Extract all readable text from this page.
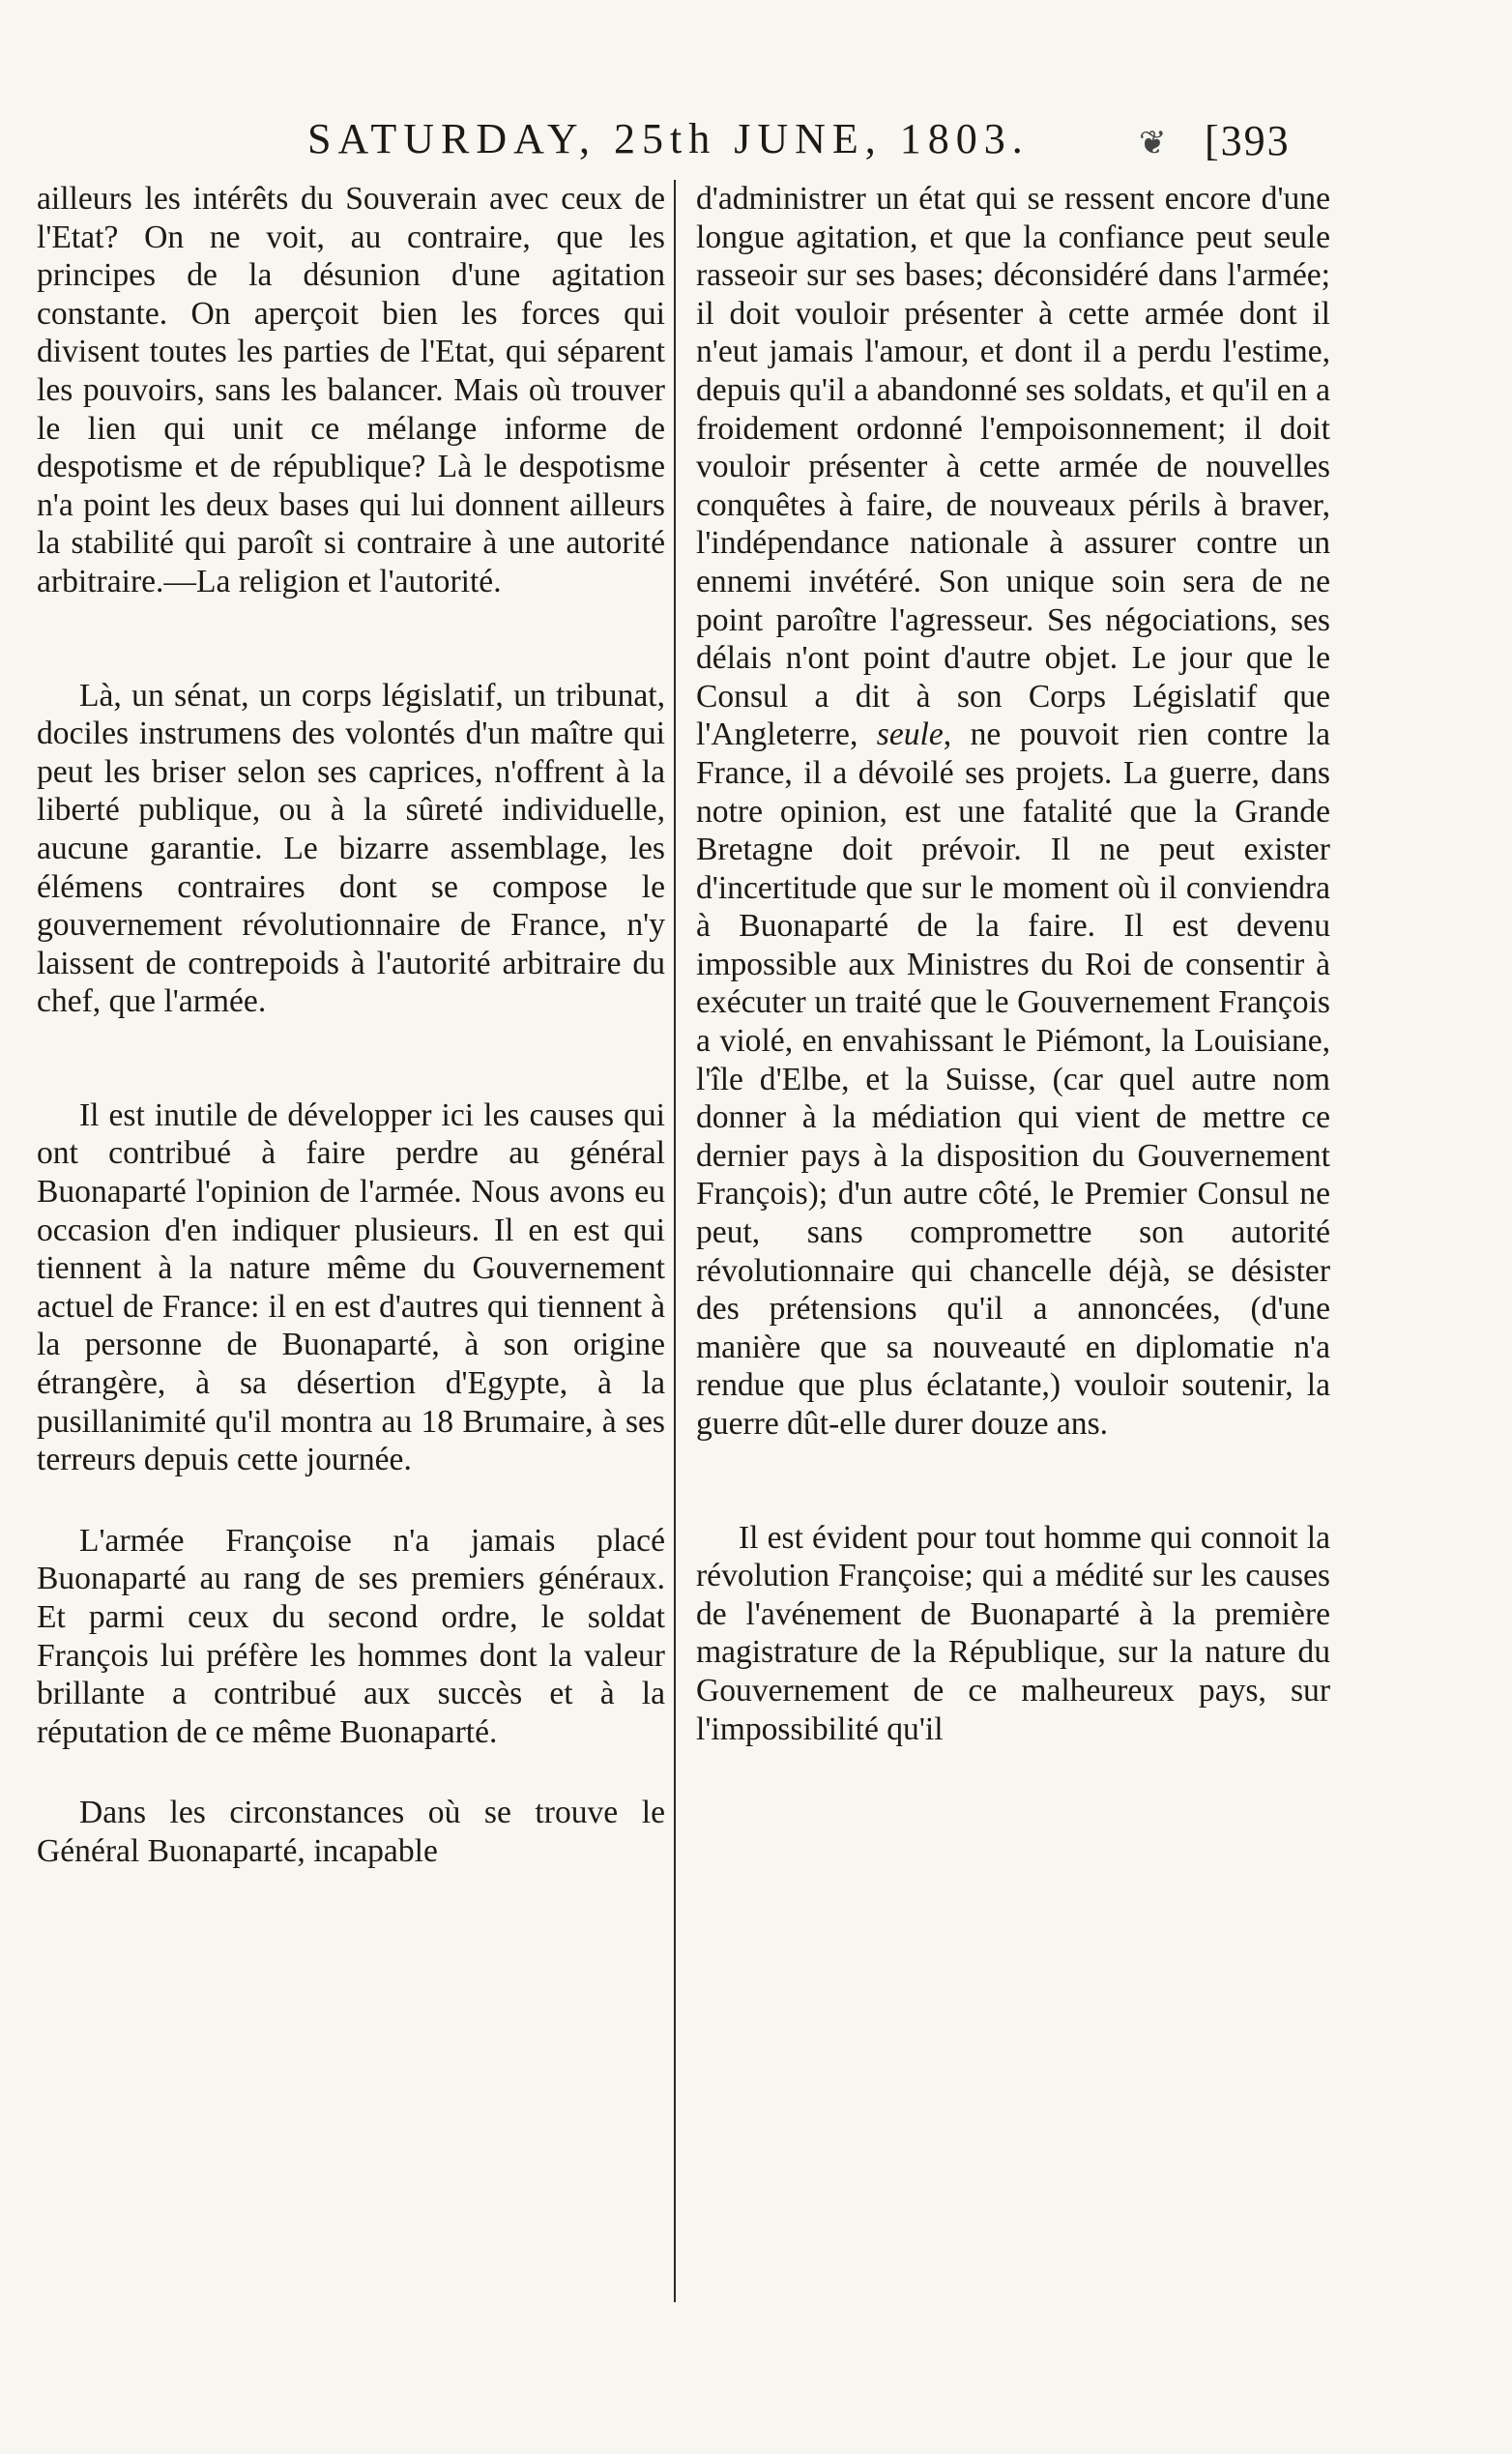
SATURDAY, 25th JUNE, 1803.	❦ [393

ailleurs les intérêts du Souverain avec ceux de l'Etat? On ne voit, au contraire, que les principes de la désunion d'une agitation constante. On aperçoit bien les forces qui divisent toutes les parties de l'Etat, qui séparent les pouvoirs, sans les balancer. Mais où trouver le lien qui unit ce mélange informe de despotisme et de république? Là le despotisme n'a point les deux bases qui lui donnent ailleurs la stabilité qui paroît si contraire à une autorité arbitraire.—La religion et l'autorité.

Là, un sénat, un corps législatif, un tribunat, dociles instrumens des volontés d'un maître qui peut les briser selon ses caprices, n'offrent à la liberté publique, ou à la sûreté individuelle, aucune garantie. Le bizarre assemblage, les élémens contraires dont se compose le gouvernement révolutionnaire de France, n'y laissent de contrepoids à l'autorité arbitraire du chef, que l'armée.

Il est inutile de développer ici les causes qui ont contribué à faire perdre au général Buonaparté l'opinion de l'armée. Nous avons eu occasion d'en indiquer plusieurs. Il en est qui tiennent à la nature même du Gouvernement actuel de France: il en est d'autres qui tiennent à la personne de Buonaparté, à son origine étrangère, à sa désertion d'Egypte, à la pusillanimité qu'il montra au 18 Brumaire, à ses terreurs depuis cette journée.

L'armée Françoise n'a jamais placé Buonaparté au rang de ses premiers généraux. Et parmi ceux du second ordre, le soldat François lui préfère les hommes dont la valeur brillante a contribué aux succès et à la réputation de ce même Buonaparté.

Dans les circonstances où se trouve le Général Buonaparté, incapable

d'administrer un état qui se ressent encore d'une longue agitation, et que la confiance peut seule rasseoir sur ses bases; déconsidéré dans l'armée; il doit vouloir présenter à cette armée dont il n'eut jamais l'amour, et dont il a perdu l'estime, depuis qu'il a abandonné ses soldats, et qu'il en a froidement ordonné l'empoisonnement; il doit vouloir présenter à cette armée de nouvelles conquêtes à faire, de nouveaux périls à braver, l'indépendance nationale à assurer contre un ennemi invétéré. Son unique soin sera de ne point paroître l'agresseur. Ses négociations, ses délais n'ont point d'autre objet. Le jour que le Consul a dit à son Corps Législatif que l'Angleterre, seule, ne pouvoit rien contre la France, il a dévoilé ses projets. La guerre, dans notre opinion, est une fatalité que la Grande Bretagne doit prévoir. Il ne peut exister d'incertitude que sur le moment où il conviendra à Buonaparté de la faire. Il est devenu impossible aux Ministres du Roi de consentir à exécuter un traité que le Gouvernement François a violé, en envahissant le Piémont, la Louisiane, l'île d'Elbe, et la Suisse, (car quel autre nom donner à la médiation qui vient de mettre ce dernier pays à la disposition du Gouvernement François); d'un autre côté, le Premier Consul ne peut, sans compromettre son autorité révolutionnaire qui chancelle déjà, se désister des prétensions qu'il a annoncées, (d'une manière que sa nouveauté en diplomatie n'a rendue que plus éclatante,) vouloir soutenir, la guerre dût-elle durer douze ans.

Il est évident pour tout homme qui connoit la révolution Françoise; qui a médité sur les causes de l'avénement de Buonaparté à la première magistrature de la République, sur la nature du Gouvernement de ce malheureux pays, sur l'impossibilité qu'il
